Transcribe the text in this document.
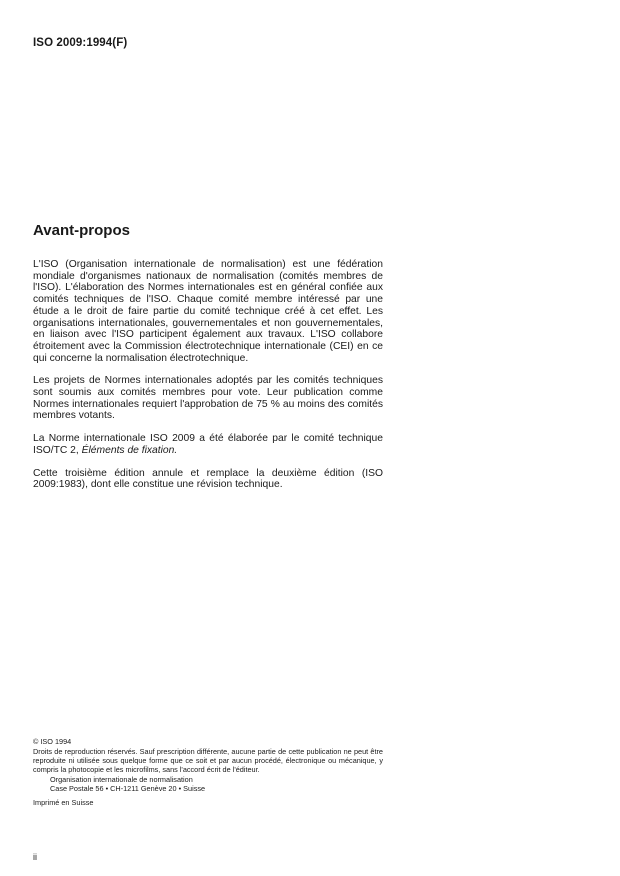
ISO 2009:1994(F)
Avant-propos

L'ISO (Organisation internationale de normalisation) est une fédération mondiale d'organismes nationaux de normalisation (comités membres de l'ISO). L'élaboration des Normes internationales est en général confiée aux comités techniques de l'ISO. Chaque comité membre intéressé par une étude a le droit de faire partie du comité technique créé à cet effet. Les organisations internationales, gouvernementales et non gouvernementales, en liaison avec l'ISO participent également aux travaux. L'ISO collabore étroitement avec la Commission électrotechnique internationale (CEI) en ce qui concerne la normalisation électrotechnique.

Les projets de Normes internationales adoptés par les comités techniques sont soumis aux comités membres pour vote. Leur publication comme Normes internationales requiert l'approbation de 75 % au moins des comités membres votants.

La Norme internationale ISO 2009 a été élaborée par le comité technique ISO/TC 2, Éléments de fixation.

Cette troisième édition annule et remplace la deuxième édition (ISO 2009:1983), dont elle constitue une révision technique.

© ISO 1994
Droits de reproduction réservés. Sauf prescription différente, aucune partie de cette publication ne peut être reproduite ni utilisée sous quelque forme que ce soit et par aucun procédé, électronique ou mécanique, y compris la photocopie et les microfilms, sans l'accord écrit de l'éditeur.
Organisation internationale de normalisation
Case Postale 56 • CH-1211 Genève 20 • Suisse
Imprimé en Suisse
ii
